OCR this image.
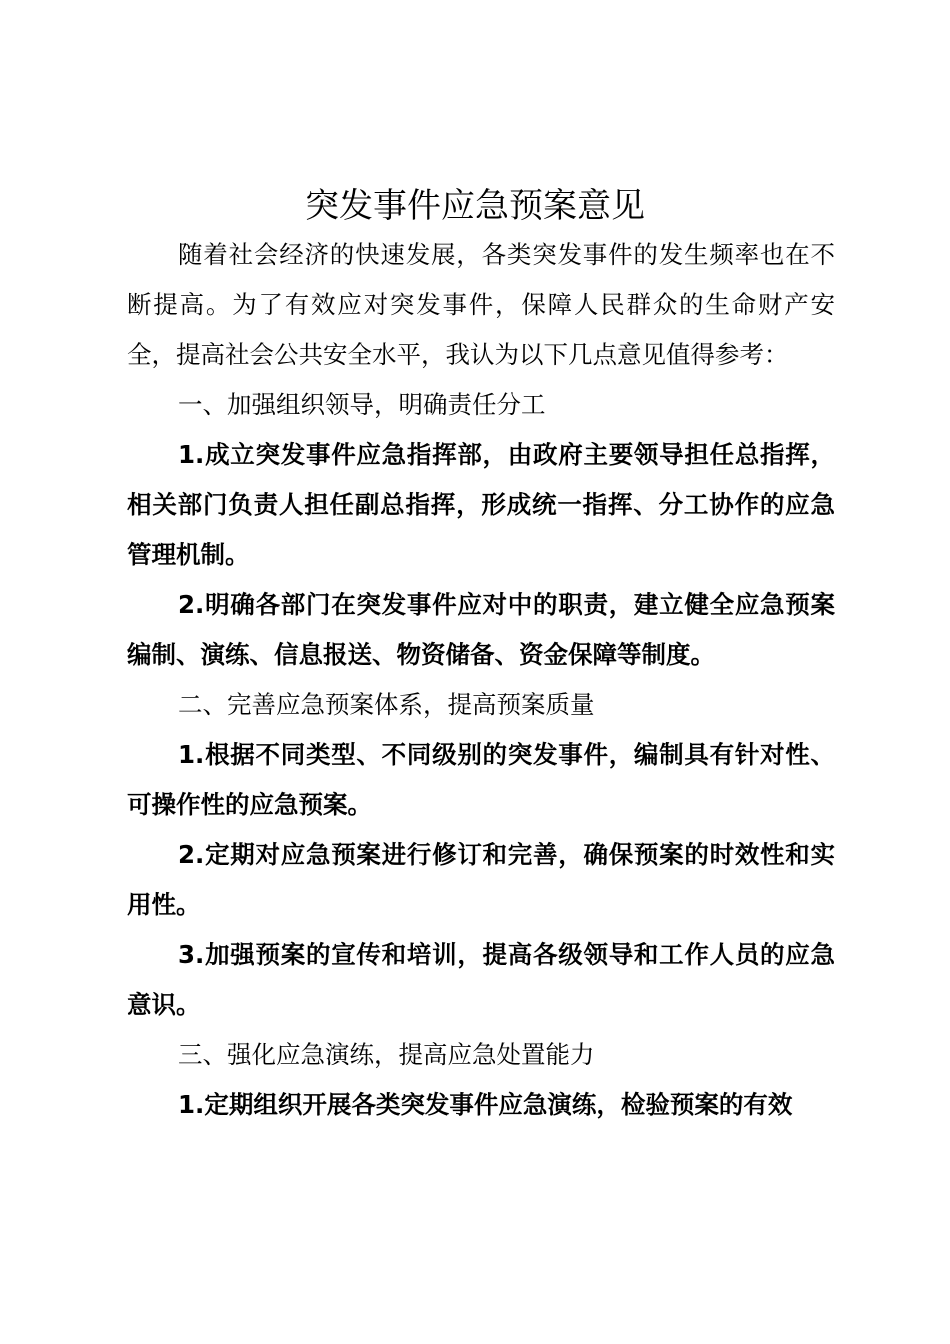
突发事件应急预案意见

随着社会经济的快速发展，各类突发事件的发生频率也在不断提高。为了有效应对突发事件，保障人民群众的生命财产安全，提高社会公共安全水平，我认为以下几点意见值得参考：

一、加强组织领导，明确责任分工

1.成立突发事件应急指挥部，由政府主要领导担任总指挥，相关部门负责人担任副总指挥，形成统一指挥、分工协作的应急管理机制。

2.明确各部门在突发事件应对中的职责，建立健全应急预案编制、演练、信息报送、物资储备、资金保障等制度。

二、完善应急预案体系，提高预案质量

1.根据不同类型、不同级别的突发事件，编制具有针对性、可操作性的应急预案。

2.定期对应急预案进行修订和完善，确保预案的时效性和实用性。

3.加强预案的宣传和培训，提高各级领导和工作人员的应急意识。

三、强化应急演练，提高应急处置能力

1.定期组织开展各类突发事件应急演练，检验预案的有效
